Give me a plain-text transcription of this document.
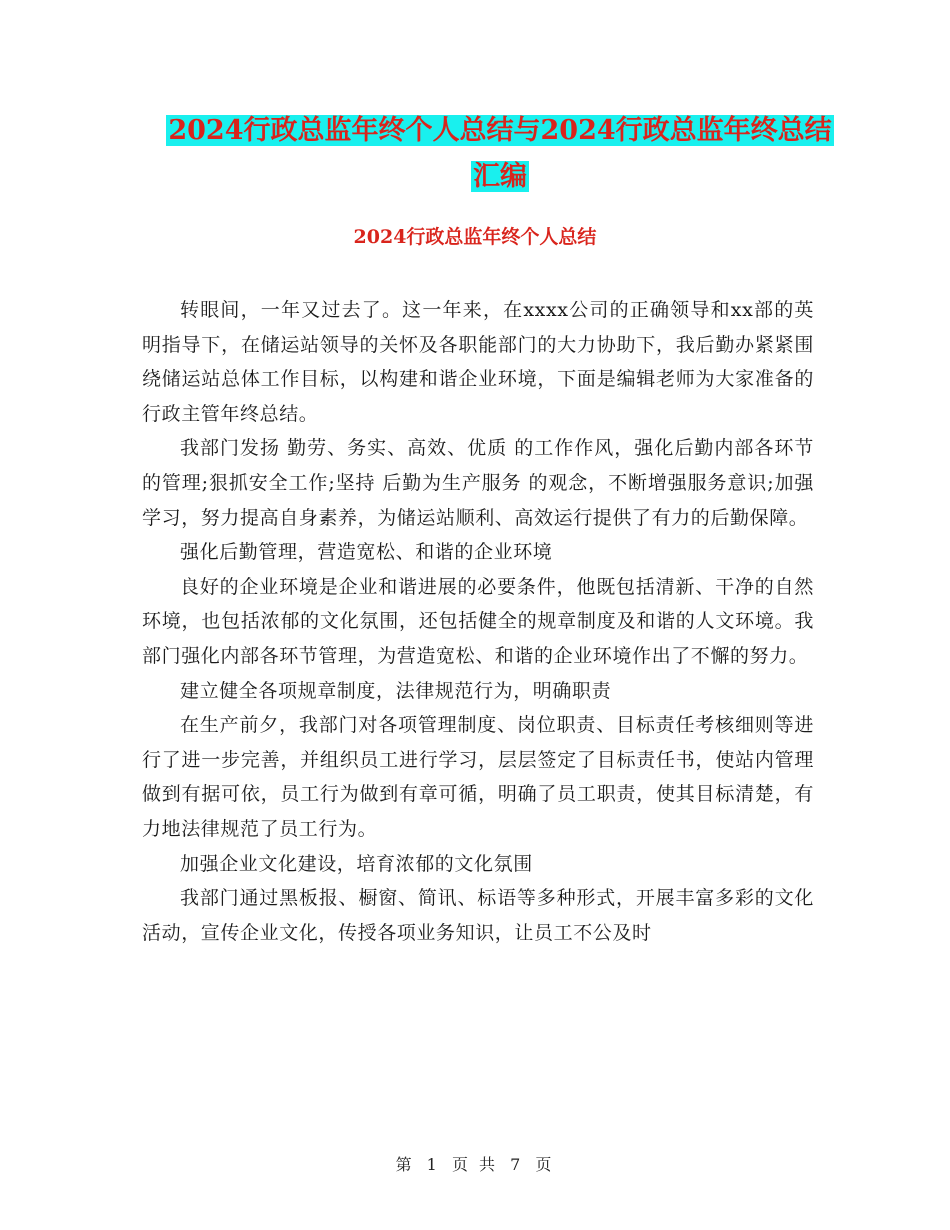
2024行政总监年终个人总结与2024行政总监年终总结
汇编
2024行政总监年终个人总结

转眼间，一年又过去了。这一年来，在xxxx公司的正确领导和xx部的英明指导下，在储运站领导的关怀及各职能部门的大力协助下，我后勤办紧紧围绕储运站总体工作目标，以构建和谐企业环境，下面是编辑老师为大家准备的行政主管年终总结。

我部门发扬 勤劳、务实、高效、优质 的工作作风，强化后勤内部各环节的管理;狠抓安全工作;坚持 后勤为生产服务 的观念，不断增强服务意识;加强学习，努力提高自身素养，为储运站顺利、高效运行提供了有力的后勤保障。

强化后勤管理，营造宽松、和谐的企业环境

良好的企业环境是企业和谐进展的必要条件，他既包括清新、干净的自然环境，也包括浓郁的文化氛围，还包括健全的规章制度及和谐的人文环境。我部门强化内部各环节管理，为营造宽松、和谐的企业环境作出了不懈的努力。

建立健全各项规章制度，法律规范行为，明确职责

在生产前夕，我部门对各项管理制度、岗位职责、目标责任考核细则等进行了进一步完善，并组织员工进行学习，层层签定了目标责任书，使站内管理做到有据可依，员工行为做到有章可循，明确了员工职责，使其目标清楚，有力地法律规范了员工行为。

加强企业文化建设，培育浓郁的文化氛围

我部门通过黑板报、橱窗、简讯、标语等多种形式，开展丰富多彩的文化活动，宣传企业文化，传授各项业务知识，让员工不公及时

第 1 页 共 7 页
